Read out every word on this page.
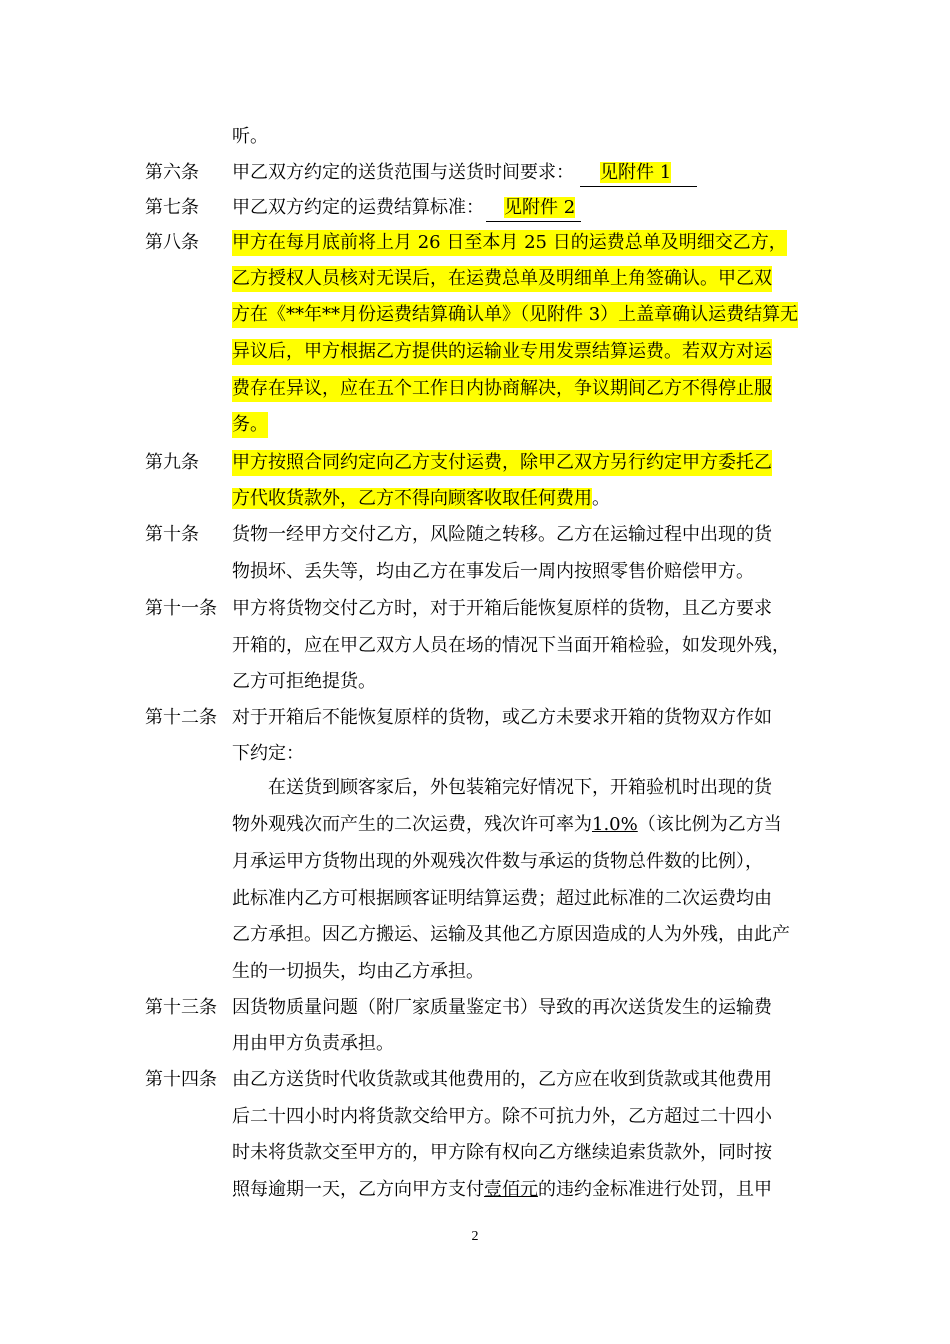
听。
第六条 甲乙双方约定的送货范围与送货时间要求： 见附件 1
第七条 甲乙双方约定的运费结算标准： 见附件 2
第八条 甲方在每月底前将上月 26 日至本月 25 日的运费总单及明细交乙方，
乙方授权人员核对无误后，在运费总单及明细单上角签确认。甲乙双
方在《**年**月份运费结算确认单》（见附件 3）上盖章确认运费结算无
异议后，甲方根据乙方提供的运输业专用发票结算运费。若双方对运
费存在异议，应在五个工作日内协商解决，争议期间乙方不得停止服
务。
第九条 甲方按照合同约定向乙方支付运费，除甲乙双方另行约定甲方委托乙
方代收货款外，乙方不得向顾客收取任何费用。
第十条 货物一经甲方交付乙方，风险随之转移。乙方在运输过程中出现的货
物损坏、丢失等，均由乙方在事发后一周内按照零售价赔偿甲方。
第十一条 甲方将货物交付乙方时，对于开箱后能恢复原样的货物，且乙方要求
开箱的，应在甲乙双方人员在场的情况下当面开箱检验，如发现外残，
乙方可拒绝提货。
第十二条 对于开箱后不能恢复原样的货物，或乙方未要求开箱的货物双方作如
下约定：
在送货到顾客家后，外包装箱完好情况下，开箱验机时出现的货
物外观残次而产生的二次运费，残次许可率为1.0%（该比例为乙方当
月承运甲方货物出现的外观残次件数与承运的货物总件数的比例），
此标准内乙方可根据顾客证明结算运费；超过此标准的二次运费均由
乙方承担。因乙方搬运、运输及其他乙方原因造成的人为外残，由此产
生的一切损失，均由乙方承担。
第十三条 因货物质量问题（附厂家质量鉴定书）导致的再次送货发生的运输费
用由甲方负责承担。
第十四条 由乙方送货时代收货款或其他费用的，乙方应在收到货款或其他费用
后二十四小时内将货款交给甲方。除不可抗力外，乙方超过二十四小
时未将货款交至甲方的，甲方除有权向乙方继续追索货款外，同时按
照每逾期一天，乙方向甲方支付壹佰元的违约金标准进行处罚，且甲
2
